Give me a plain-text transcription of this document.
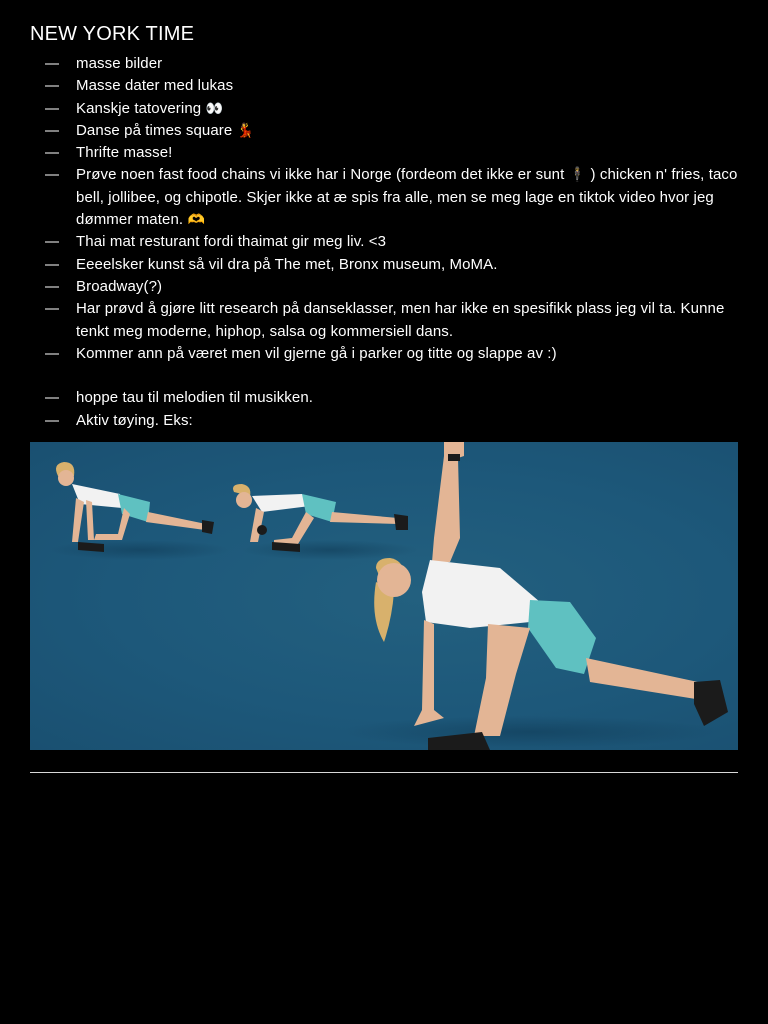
NEW YORK TIME
— masse bilder
— Masse dater med lukas
— Kanskje tatovering 👀
— Danse på times square 💃
— Thrifte masse!
— Prøve noen fast food chains vi ikke har i Norge (fordeom det ikke er sunt 🕴 ) chicken n' fries, taco bell, jollibee, og chipotle. Skjer ikke at æ spis fra alle, men se meg lage en tiktok video hvor jeg dømmer maten. 🫶
— Thai mat resturant fordi thaimat gir meg liv. <3
— Eeeelsker kunst så vil dra på The met, Bronx museum, MoMA.
— Broadway(?)
— Har prøvd å gjøre litt research på danseklasser, men har ikke en spesifikk plass jeg vil ta. Kunne tenkt meg moderne, hiphop, salsa og kommersiell dans.
— Kommer ann på været men vil gjerne gå i parker og titte og slappe av :)
— hoppe tau til melodien til musikken.
— Aktiv tøying. Eks:
